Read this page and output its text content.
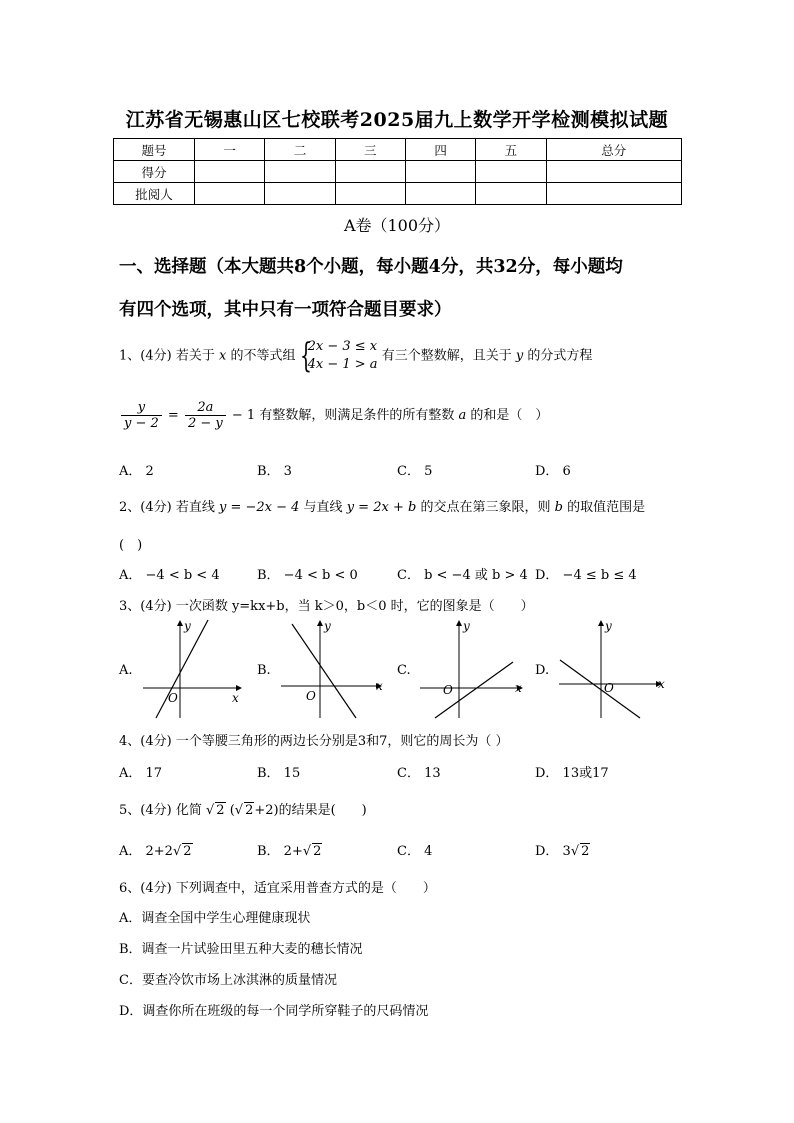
江苏省无锡惠山区七校联考2025届九上数学开学检测模拟试题
题号	一	二	三	四	五	总分
得分						
批阅人						
A卷（100分）
一、选择题（本大题共8个小题，每小题4分，共32分，每小题均
有四个选项，其中只有一项符合题目要求）
1、(4分) 若关于 x 的不等式组 {
2x − 3 ≤ x
4x − 1 > a
有三个整数解，且关于 y 的分式方程
$\frac{y}{y - 2} = \frac{2a}{2 - y} - 1$ 有整数解，则满足条件的所有整数 a 的和是（　）
A． 2	B． 3	C． 5	D． 6
2、(4分) 若直线 y = −2x − 4 与直线 y = 2x + b 的交点在第三象限，则 b 的取值范围是
(　)
A． −4 < b < 4	B． −4 < b < 0	C． b < −4 或 b > 4 D． −4 ≤ b ≤ 4
3、(4分) 一次函数 y=kx+b，当 k＞0，b＜0 时，它的图象是（　　）
A.	B.	C.	D.
O	x
y
O
x
y
O	x
y
O	x
y
4、(4分) 一个等腰三角形的两边长分别是3和7，则它的周长为（ ）
A． 17	B． 15	C． 13	D． 13或17
5、(4分) 化简 √ 2 (√ 2+2)的结果是(　　)
A． 2+2√ 2	B． 2+√ 2	C． 4	D． 3√ 2
6、(4分) 下列调查中，适宜采用普查方式的是（　　）
A．调查全国中学生心理健康现状
B．调查一片试验田里五种大麦的穗长情况
C．要查冷饮市场上冰淇淋的质量情况
D．调查你所在班级的每一个同学所穿鞋子的尺码情况
